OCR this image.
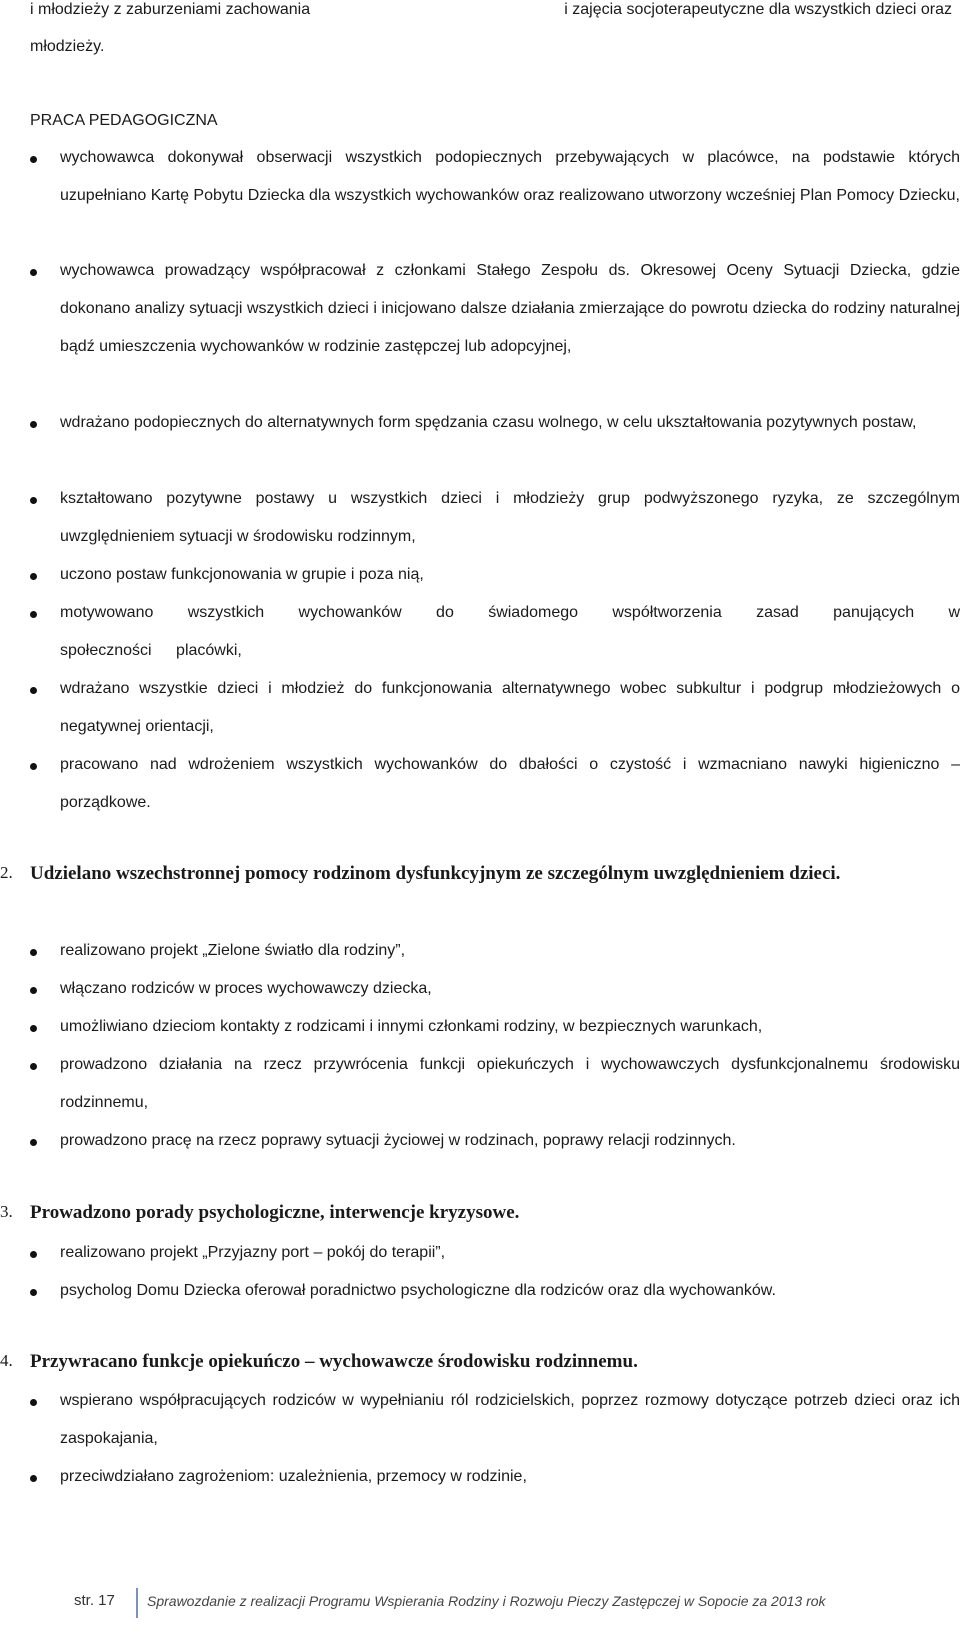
i młodzieży z zaburzeniami zachowania	i zajęcia socjoterapeutyczne dla wszystkich dzieci oraz
młodzieży.
PRACA PEDAGOGICZNA
wychowawca dokonywał obserwacji wszystkich podopiecznych przebywających w placówce, na podstawie których uzupełniano Kartę Pobytu Dziecka dla wszystkich wychowanków oraz realizowano utworzony wcześniej Plan Pomocy Dziecku,
wychowawca prowadzący współpracował z członkami Stałego Zespołu ds. Okresowej Oceny Sytuacji Dziecka, gdzie dokonano analizy sytuacji wszystkich dzieci i inicjowano dalsze działania zmierzające do powrotu dziecka do rodziny naturalnej bądź umieszczenia wychowanków w rodzinie zastępczej lub adopcyjnej,
wdrażano podopiecznych do alternatywnych form spędzania czasu wolnego, w celu ukształtowania pozytywnych postaw,
kształtowano pozytywne postawy u wszystkich dzieci i młodzieży grup podwyższonego ryzyka, ze szczególnym uwzględnieniem sytuacji w środowisku rodzinnym,
uczono postaw funkcjonowania w grupie i poza nią,
motywowano wszystkich wychowanków do świadomego współtworzenia zasad panujących w społeczności placówki,
wdrażano wszystkie dzieci i młodzież do funkcjonowania alternatywnego wobec subkultur i podgrup młodzieżowych o negatywnej orientacji,
pracowano nad wdrożeniem wszystkich wychowanków do dbałości o czystość i wzmacniano nawyki higieniczno – porządkowe.
2. Udzielano wszechstronnej pomocy rodzinom dysfunkcyjnym ze szczególnym uwzględnieniem dzieci.
realizowano projekt „Zielone światło dla rodziny”,
włączano rodziców w proces wychowawczy dziecka,
umożliwiano dzieciom kontakty z rodzicami i innymi członkami rodziny, w bezpiecznych warunkach,
prowadzono działania na rzecz przywrócenia funkcji opiekuńczych i wychowawczych dysfunkcjonalnemu środowisku rodzinnemu,
prowadzono pracę na rzecz poprawy sytuacji życiowej w rodzinach, poprawy relacji rodzinnych.
3. Prowadzono porady psychologiczne, interwencje kryzysowe.
realizowano projekt „Przyjazny port – pokój do terapii”,
psycholog Domu Dziecka oferował poradnictwo psychologiczne dla rodziców oraz dla wychowanków.
4. Przywracano funkcje opiekuńczo – wychowawcze środowisku rodzinnemu.
wspierano współpracujących rodziców w wypełnianiu ról rodzicielskich, poprzez rozmowy dotyczące potrzeb dzieci oraz ich zaspokajania,
przeciwdziałano zagrożeniom: uzależnienia, przemocy w rodzinie,
str. 17 Sprawozdanie z realizacji Programu Wspierania Rodziny i Rozwoju Pieczy Zastępczej w Sopocie za 2013 rok
